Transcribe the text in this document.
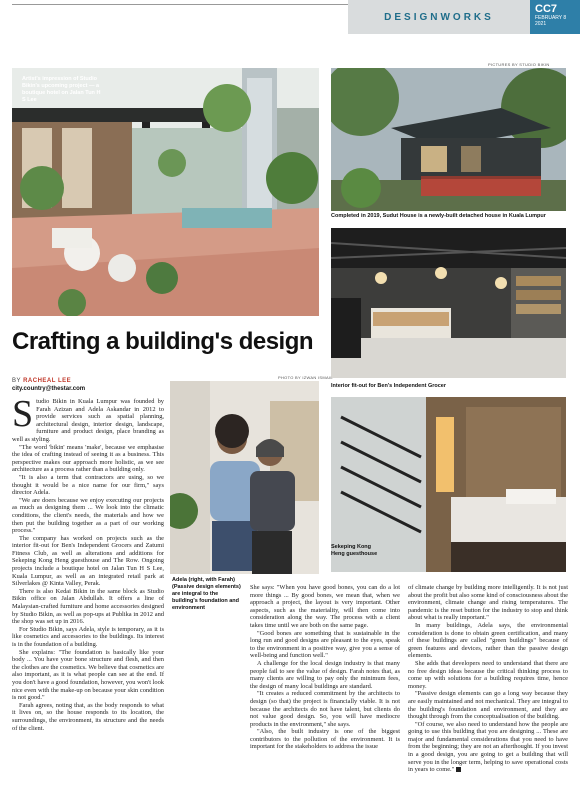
DESIGNWORKS
CC7
FEBRUARY 8
2021
Artist's impression of Studio Bikin's upcoming project — a boutique hotel on Jalan Tun H S Lee
PICTURES BY STUDIO BIKIN
Completed in 2019, Sudut House is a newly-built detached house in Kuala Lumpur
Interior fit-out for Ben's Independent Grocer
Crafting a building's design
BY RACHEAL LEE
city.country@thestar.com
PHOTO BY IZWAN ISMAIL
Adela (right, with Farah) (Passive design elements) are integral to the building's foundation and environment
Sekeping Kong Heng guesthouse

Studio Bikin in Kuala Lumpur was founded by Farah Azizan and Adela Askandar in 2012 to provide services such as spatial planning, architectural design, interior design, landscape, furniture and product design, place branding as well as styling.

"The word 'bikin' means 'make', because we emphasise the idea of crafting instead of seeing it as a business. This perspective makes our approach more holistic, as we see architecture as a process rather than a building only.

"It is also a term that contractors are using, so we thought it would be a nice name for our firm," says director Adela.

"We are doers because we enjoy executing our projects as much as designing them ... We look into the climatic conditions, the client's needs, the materials and how we then put the building together as a part of our working process."

The company has worked on projects such as the interior fit-out for Ben's Independent Grocers and Zatumi Fitness Club, as well as alterations and additions for Sekeping Kong Heng guesthouse and The Row. Ongoing projects include a boutique hotel on Jalan Tun H S Lee, Kuala Lumpur, as well as an integrated retail park at Silverlakes @ Kinta Valley, Perak.

There is also Kedai Bikin in the same block as Studio Bikin office on Jalan Abdullah. It offers a line of Malaysian-crafted furniture and home accessories designed by Studio Bikin, as well as pop-ups at Publika in 2012 and the shop was set up in 2016.

For Studio Bikin, says Adela, style is temporary, as it is like cosmetics and accessories to the buildings. Its interest is in the foundation of a building.

She explains: "The foundation is basically like your body ... You have your bone structure and flesh, and then the clothes are the cosmetics. We believe that cosmetics are also important, as it is what people can see at the end. If you don't have a good foundation, however, you won't look nice even with the make-up on because your skin condition is not good."

Farah agrees, noting that, as the body responds to what it lives on, so the house responds to its location, the surroundings, the environment, its structure and the needs of the client.

She says: "When you have good bones, you can do a lot more things ... By good bones, we mean that, when we approach a project, the layout is very important. Other aspects, such as the materiality, will then come into consideration along the way. The process with a client takes time until we are both on the same page.

"Good bones are something that is sustainable in the long run and good designs are pleasant to the eyes, speak to the environment in a positive way, give you a sense of well-being and function well."

A challenge for the local design industry is that many people fail to see the value of design. Farah notes that, as many clients are willing to pay only the minimum fees, the design of many local buildings are standard.

"It creates a reduced commitment by the architects to design (so that) the project is financially viable. It is not because the architects do not have talent, but clients do not value good design. So, you will have mediocre products in the environment," she says.

"Also, the built industry is one of the biggest contributors to the pollution of the environment. It is important for the stakeholders to address the issue

of climate change by building more intelligently. It is not just about the profit but also some kind of consciousness about the environment, climate change and rising temperatures. The pandemic is the reset button for the industry to stop and think about what is really important."

In many buildings, Adela says, the environmental consideration is done to obtain green certification, and many of these buildings are called "green buildings" because of green features and devices, rather than the passive design elements.

She adds that developers need to understand that there are no free design ideas because the critical thinking process to come up with solutions for a building requires time, hence money.

"Passive design elements can go a long way because they are easily maintained and not mechanical. They are integral to the building's foundation and environment, and they are thought through from the conceptualisation of the building.

"Of course, we also need to understand how the people are going to use this building that you are designing ... These are major and fundamental considerations that you need to have from the beginning; they are not an afterthought. If you invest in a good design, you are going to get a building that will serve you in the longer term, helping to save operational costs in years to come."
